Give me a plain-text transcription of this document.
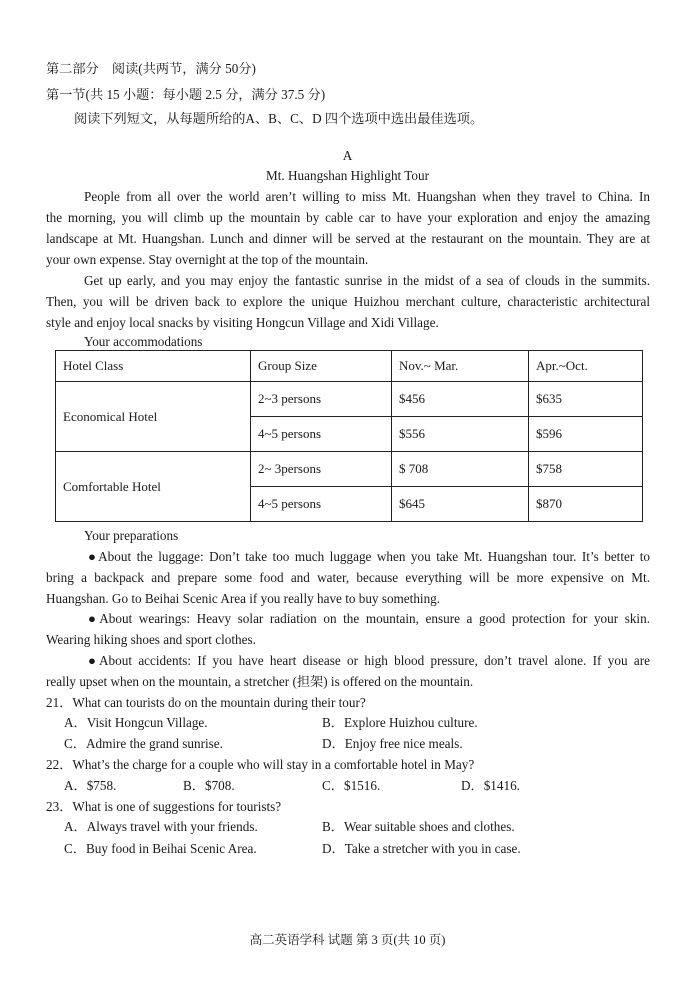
第二部分　阅读(共两节，满分 50分)
第一节(共 15 小题：每小题 2.5 分，满分 37.5 分)
阅读下列短文，从每题所给的A、B、C、D 四个选项中选出最佳选项。
A
Mt. Huangshan Highlight Tour
People from all over the world aren’t willing to miss Mt. Huangshan when they travel to China. In
the morning, you will climb up the mountain by cable car to have your exploration and enjoy the amazing
landscape at Mt. Huangshan. Lunch and dinner will be served at the restaurant on the mountain. They are at
your own expense. Stay overnight at the top of the mountain.
Get up early, and you may enjoy the fantastic sunrise in the midst of a sea of clouds in the summits.
Then, you will be driven back to explore the unique Huizhou merchant culture, characteristic architectural
style and enjoy local snacks by visiting Hongcun Village and Xidi Village.
Your accommodations
Hotel Class	Group Size	Nov.~ Mar.	Apr.~Oct.
Economical Hotel	2~3 persons	$456	$635
	4~5 persons	$556	$596
Comfortable Hotel	2~ 3persons	$ 708	$758
	4~5 persons	$645	$870
Your preparations
●About the luggage: Don’t take too much luggage when you take Mt. Huangshan tour. It’s better to
bring a backpack and prepare some food and water, because everything will be more expensive on Mt.
Huangshan. Go to Beihai Scenic Area if you really have to buy something.
●About wearings: Heavy solar radiation on the mountain, ensure a good protection for your skin.
Wearing hiking shoes and sport clothes.
●About accidents: If you have heart disease or high blood pressure, don’t travel alone. If you are
really upset when on the mountain, a stretcher (担架) is offered on the mountain.
21．What can tourists do on the mountain during their tour?
A．Visit Hongcun Village.	B．Explore Huizhou culture.
C．Admire the grand sunrise.	D．Enjoy free nice meals.
22．What’s the charge for a couple who will stay in a comfortable hotel in May?
A．$758.	B．$708.	C．$1516.	D．$1416.
23．What is one of suggestions for tourists?
A．Always travel with your friends.	B．Wear suitable shoes and clothes.
C．Buy food in Beihai Scenic Area.	D．Take a stretcher with you in case.
高二英语学科 试题 第 3 页(共 10 页)
